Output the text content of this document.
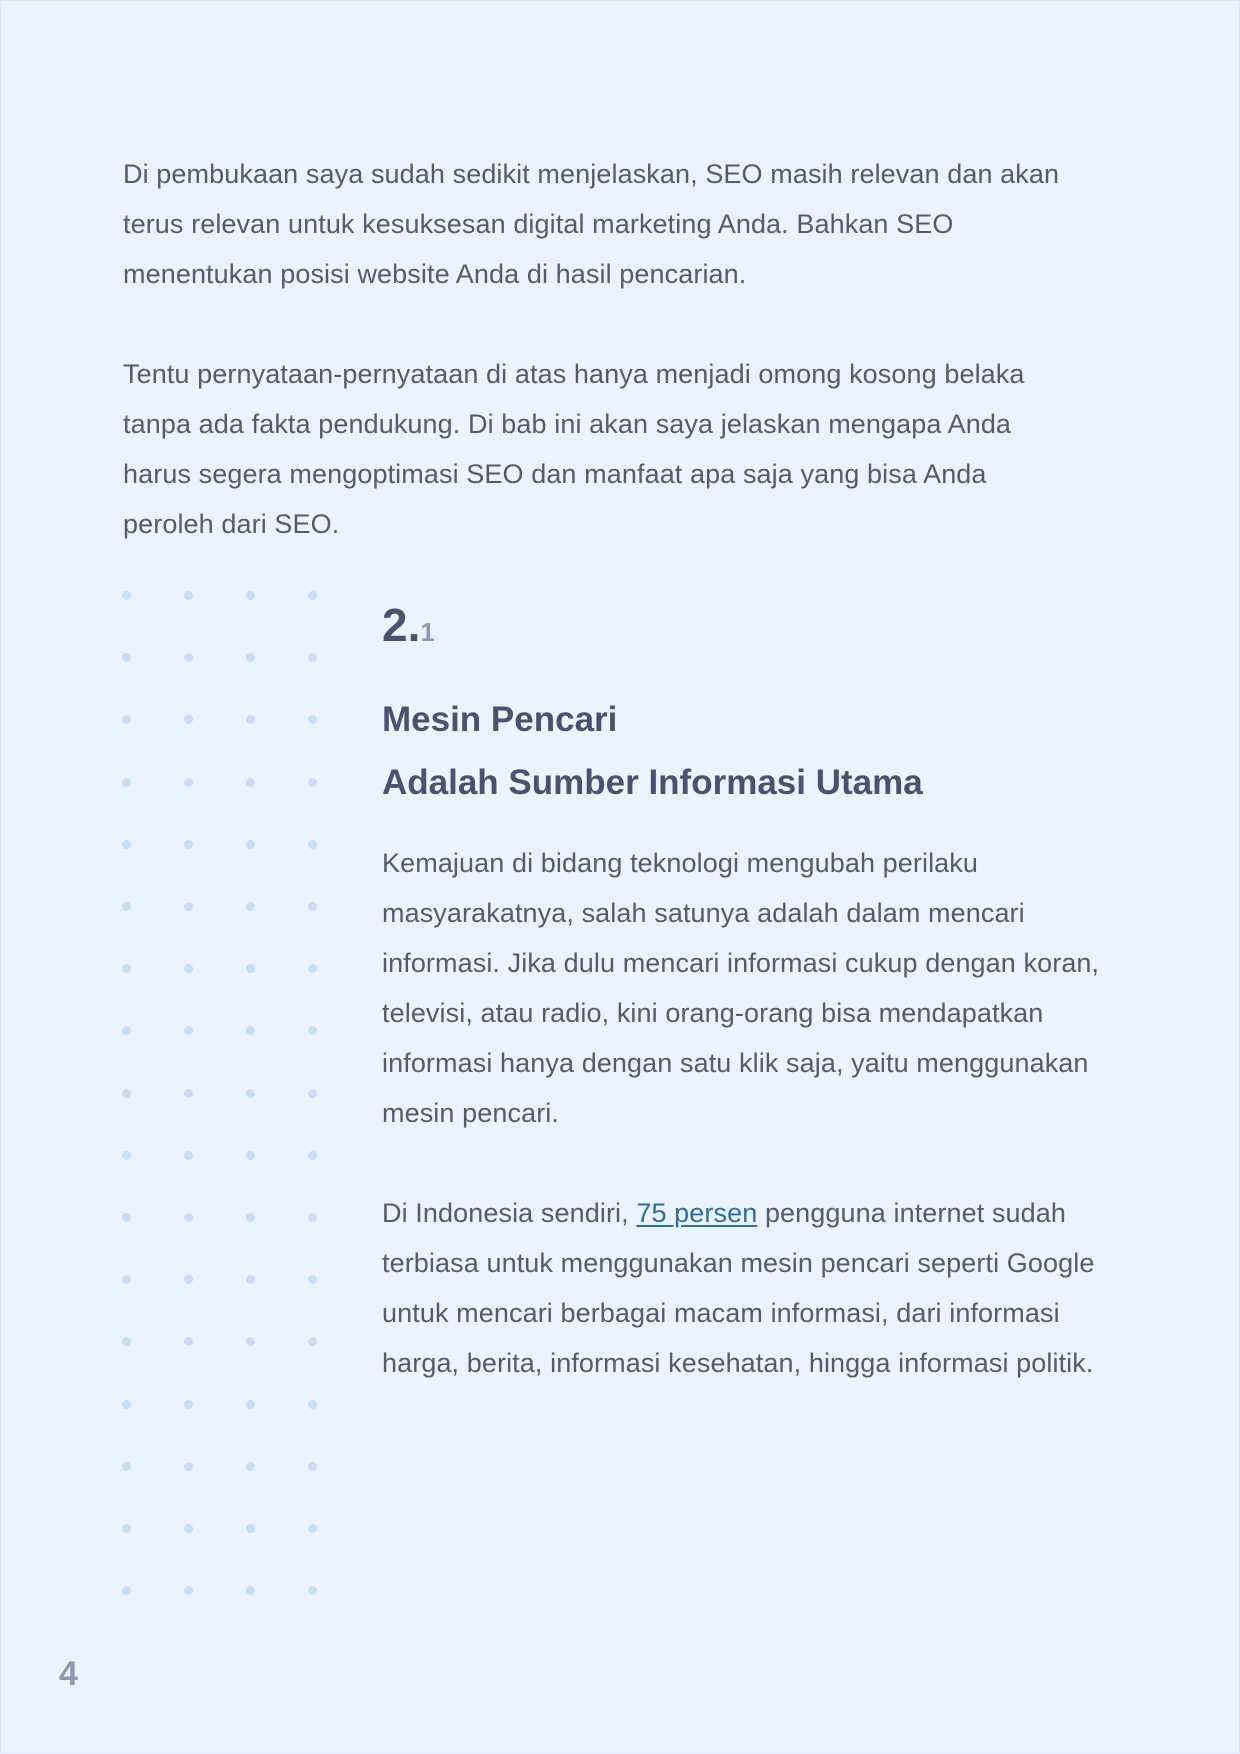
Di pembukaan saya sudah sedikit menjelaskan, SEO masih relevan dan akan terus relevan untuk kesuksesan digital marketing Anda. Bahkan SEO menentukan posisi website Anda di hasil pencarian.

Tentu pernyataan-pernyataan di atas hanya menjadi omong kosong belaka tanpa ada fakta pendukung. Di bab ini akan saya jelaskan mengapa Anda harus segera mengoptimasi SEO dan manfaat apa saja yang bisa Anda peroleh dari SEO.

2.1
Mesin Pencari
Adalah Sumber Informasi Utama

Kemajuan di bidang teknologi mengubah perilaku masyarakatnya, salah satunya adalah dalam mencari informasi. Jika dulu mencari informasi cukup dengan koran, televisi, atau radio, kini orang-orang bisa mendapatkan informasi hanya dengan satu klik saja, yaitu menggunakan mesin pencari.

Di Indonesia sendiri, 75 persen pengguna internet sudah terbiasa untuk menggunakan mesin pencari seperti Google untuk mencari berbagai macam informasi, dari informasi harga, berita, informasi kesehatan, hingga informasi politik.

4
